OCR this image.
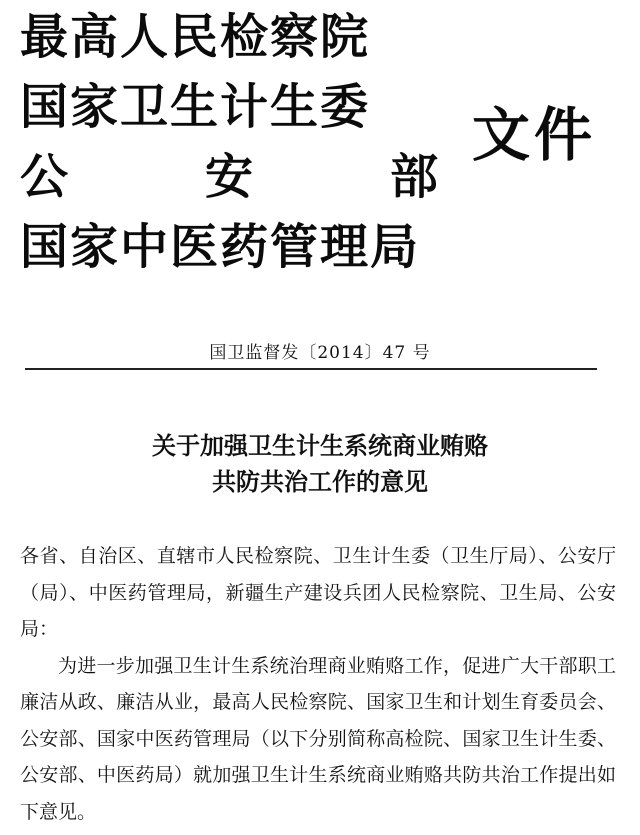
最高人民检察院
国家卫生计生委
公	安	部
国家中医药管理局
文件
国卫监督发〔2014〕47 号
关于加强卫生计生系统商业贿赂
共防共治工作的意见

各省、自治区、直辖市人民检察院、卫生计生委（卫生厅局）、公安厅（局）、中医药管理局，新疆生产建设兵团人民检察院、卫生局、公安局：

为进一步加强卫生计生系统治理商业贿赂工作，促进广大干部职工廉洁从政、廉洁从业，最高人民检察院、国家卫生和计划生育委员会、公安部、国家中医药管理局（以下分别简称高检院、国家卫生计生委、公安部、中医药局）就加强卫生计生系统商业贿赂共防共治工作提出如下意见。
